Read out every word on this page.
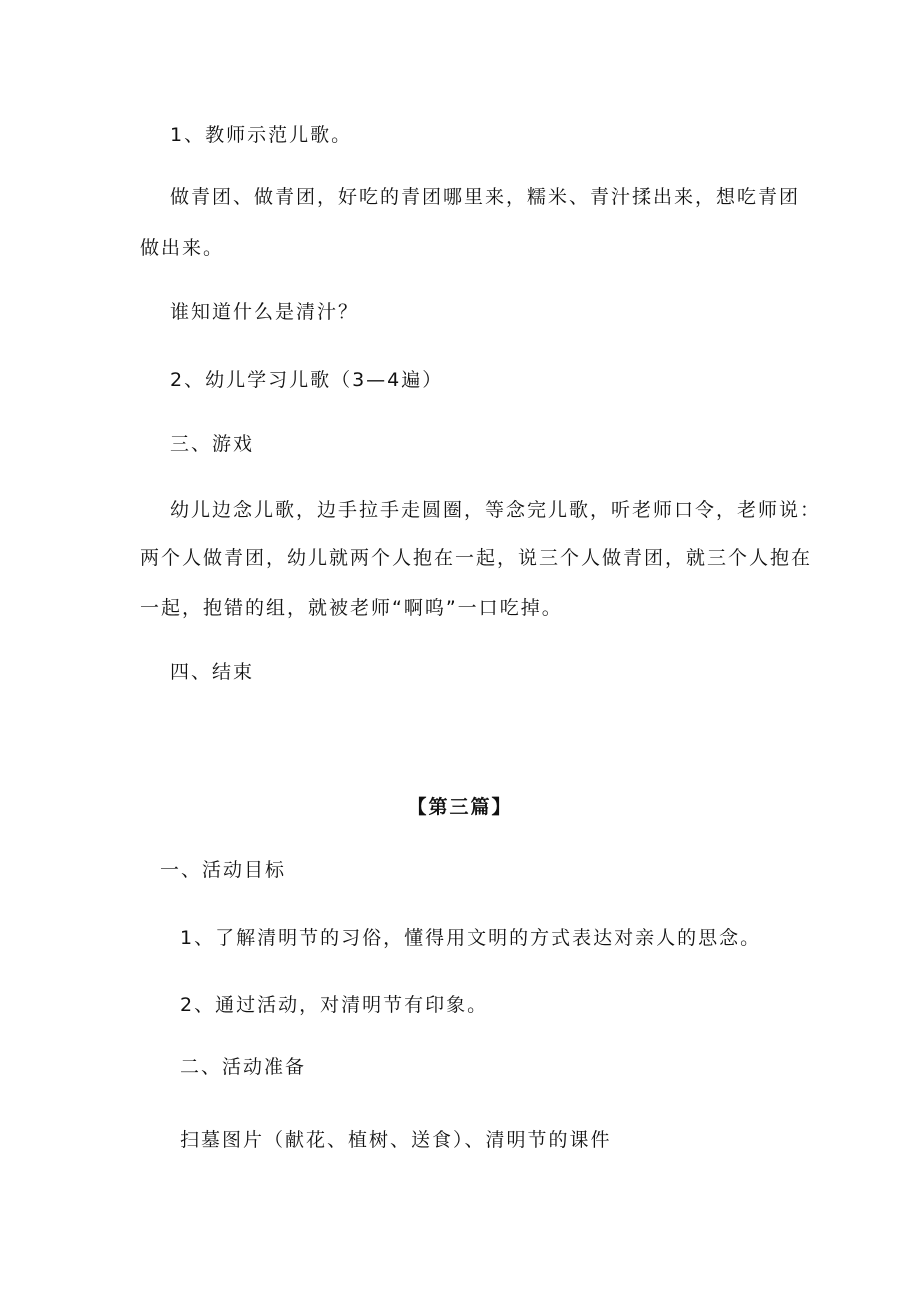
1、教师示范儿歌。

做青团、做青团，好吃的青团哪里来，糯米、青汁揉出来，想吃青团

做出来。

谁知道什么是清汁？

2、幼儿学习儿歌（3—4遍）

三、游戏

幼儿边念儿歌，边手拉手走圆圈，等念完儿歌，听老师口令，老师说：

两个人做青团，幼儿就两个人抱在一起，说三个人做青团，就三个人抱在

一起，抱错的组，就被老师“啊呜”一口吃掉。

四、结束

【第三篇】

一、活动目标

1、了解清明节的习俗，懂得用文明的方式表达对亲人的思念。

2、通过活动，对清明节有印象。

二、活动准备

扫墓图片（献花、植树、送食）、清明节的课件
